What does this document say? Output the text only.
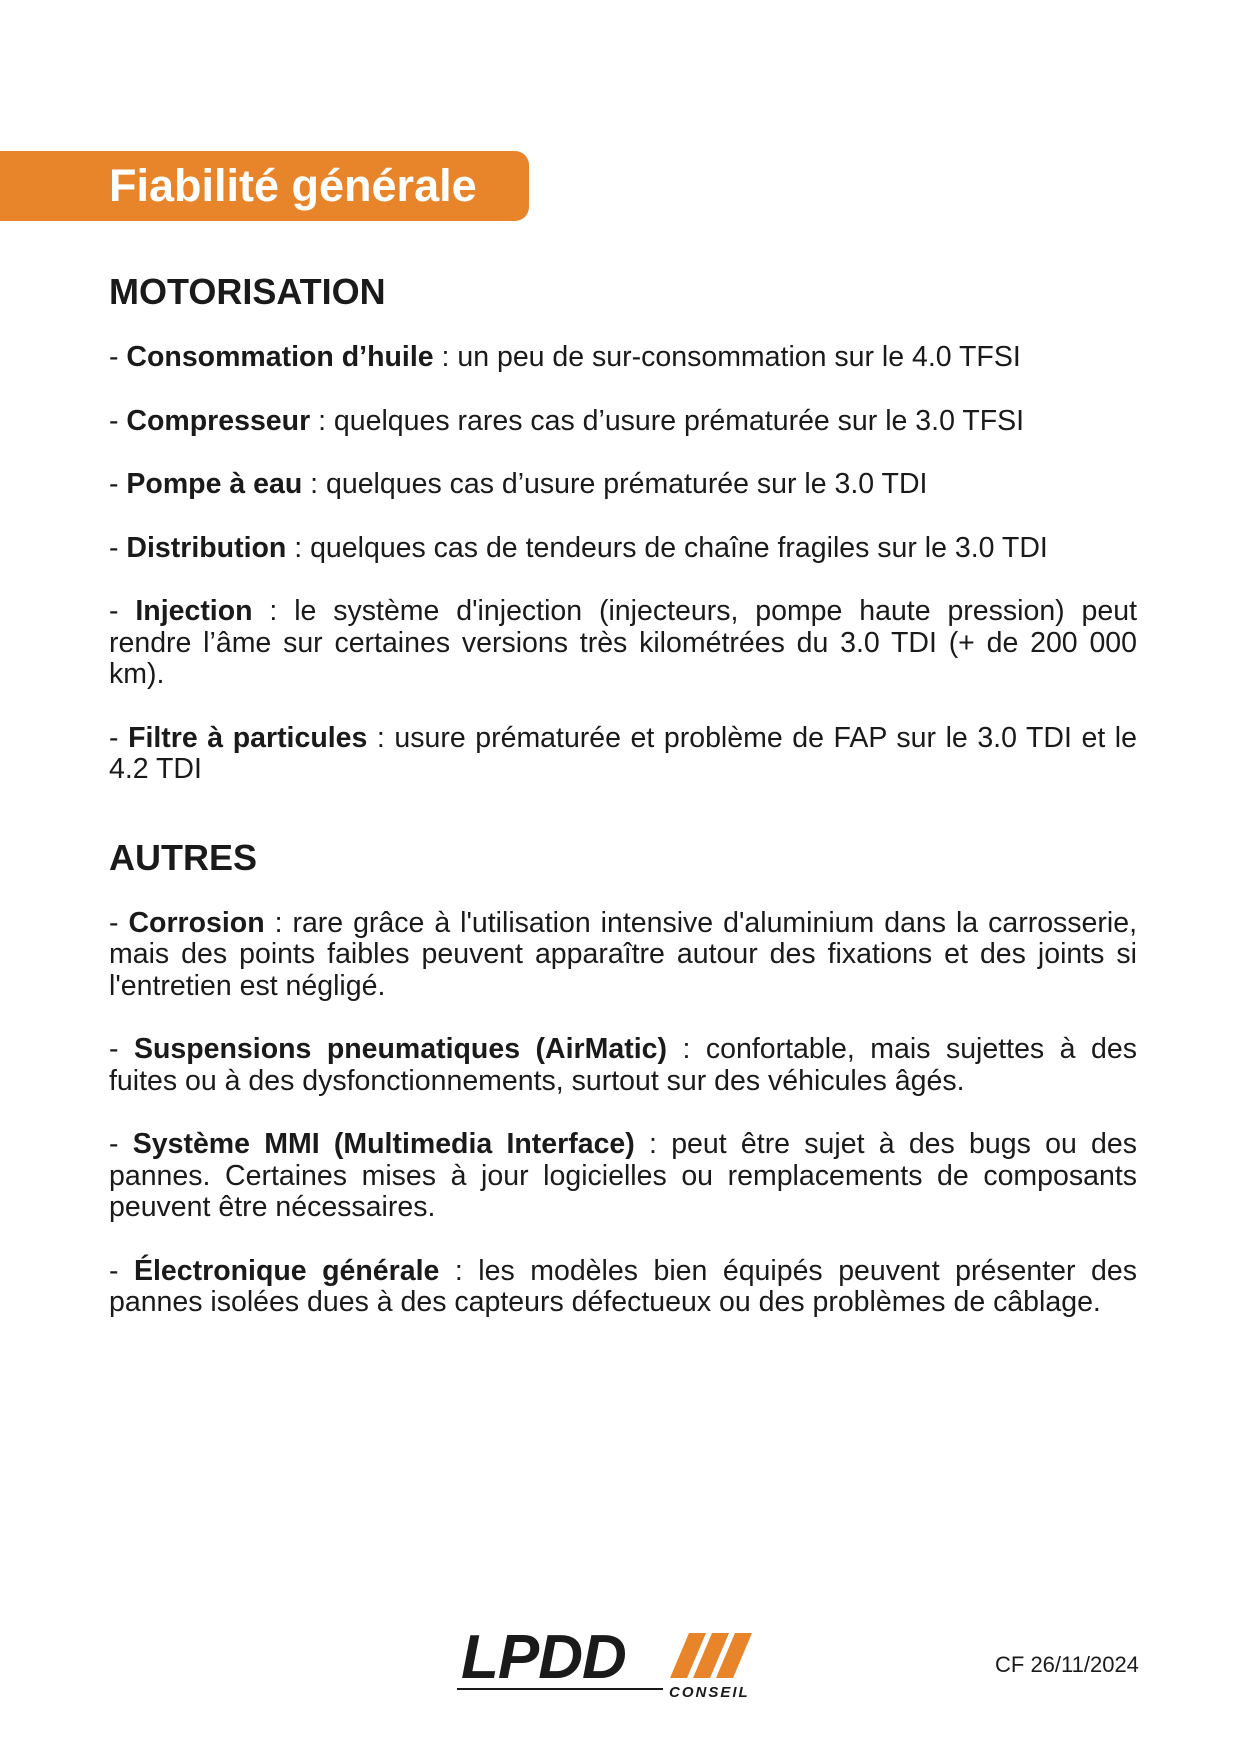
Fiabilité générale
MOTORISATION

- Consommation d’huile : un peu de sur-consommation sur le 4.0 TFSI

- Compresseur : quelques rares cas d’usure prématurée sur le 3.0 TFSI

- Pompe à eau : quelques cas d’usure prématurée sur le 3.0 TDI

- Distribution : quelques cas de tendeurs de chaîne fragiles sur le 3.0 TDI

- Injection : le système d'injection (injecteurs, pompe haute pression) peut rendre l’âme sur certaines versions très kilométrées du 3.0 TDI (+ de 200 000 km).

- Filtre à particules : usure prématurée et problème de FAP sur le 3.0 TDI et le 4.2 TDI

AUTRES

- Corrosion : rare grâce à l'utilisation intensive d'aluminium dans la carrosserie, mais des points faibles peuvent apparaître autour des fixations et des joints si l'entretien est négligé.

- Suspensions pneumatiques (AirMatic) : confortable, mais sujettes à des fuites ou à des dysfonctionnements, surtout sur des véhicules âgés.

- Système MMI (Multimedia Interface) : peut être sujet à des bugs ou des pannes. Certaines mises à jour logicielles ou remplacements de composants peuvent être nécessaires.

- Électronique générale : les modèles bien équipés peuvent présenter des pannes isolées dues à des capteurs défectueux ou des problèmes de câblage.

LPDD
CONSEIL
CF 26/11/2024
